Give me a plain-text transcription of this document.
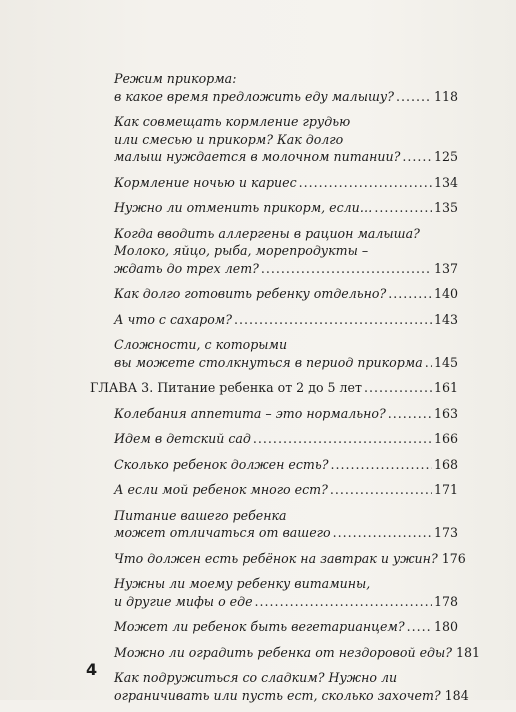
Режим прикорма:
в какое время предложить еду малышу? .....	118
Как совмещать кормление грудью
или смесью и прикорм? Как долго
малыш нуждается в молочном питании? .....	125
Кормление ночью и кариес .....	134
Нужно ли отменить прикорм, если… .....	135
Когда вводить аллергены в рацион малыша?
Молоко, яйцо, рыба, морепродукты –
ждать до трех лет? .....	137
Как долго готовить ребенку отдельно? .....	140
А что с сахаром? .....	143
Сложности, с которыми
вы можете столкнуться в период прикорма ..... 145
ГЛАВА 3. Питание ребенка от 2 до 5 лет .....	161
Колебания аппетита – это нормально? .....	163
Идем в детский сад .....	166
Сколько ребенок должен есть? .....	168
А если мой ребенок много ест? .....	171
Питание вашего ребенка
может отличаться от вашего .....	173
Что должен есть ребёнок на завтрак и ужин? 176
Нужны ли моему ребенку витамины,
и другие мифы о еде .....	178
Может ли ребенок быть вегетарианцем? ..... 180
Можно ли оградить ребенка от нездоровой еды? 181
Как подружиться со сладким? Нужно ли
ограничивать или пусть ест, сколько захочет? 184
4
